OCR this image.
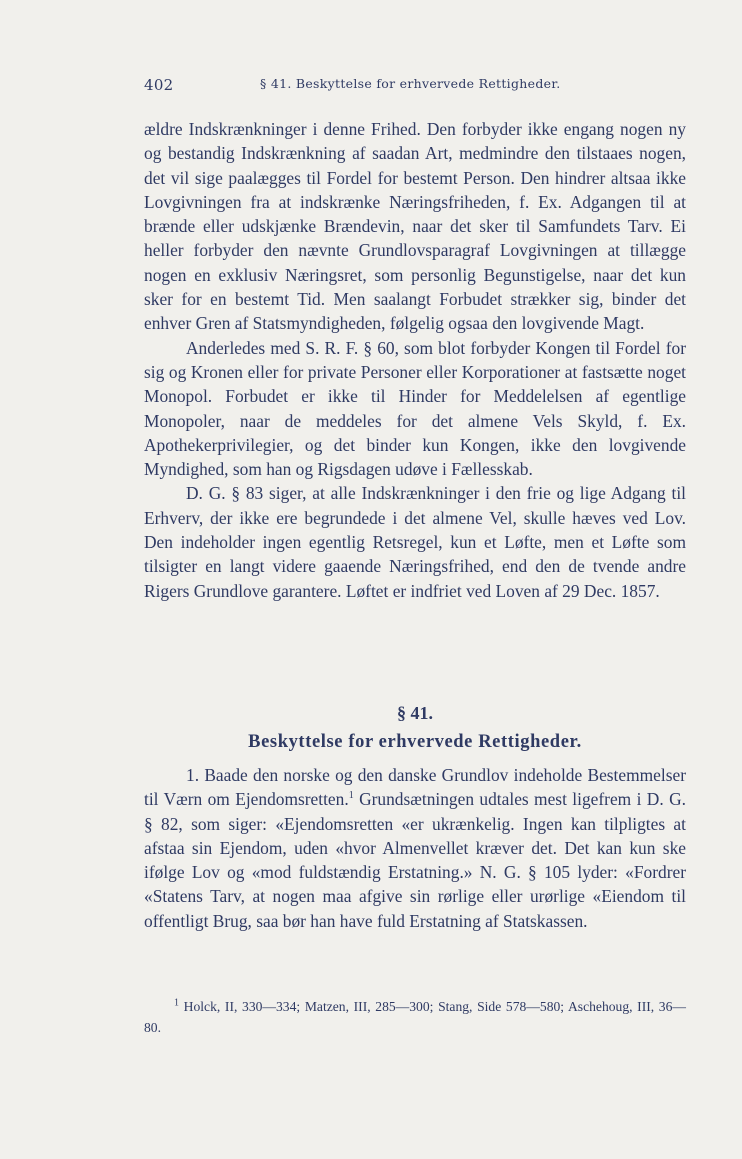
402	§ 41. Beskyttelse for erhvervede Rettigheder.

ældre Indskrænkninger i denne Frihed. Den forbyder ikke engang nogen ny og bestandig Indskrænkning af saadan Art, medmindre den tilstaaes nogen, det vil sige paalægges til Fordel for bestemt Person. Den hindrer altsaa ikke Lovgivningen fra at indskrænke Næringsfriheden, f. Ex. Adgangen til at brænde eller udskjænke Brændevin, naar det sker til Samfundets Tarv. Ei heller forbyder den nævnte Grundlovsparagraf Lovgivningen at tillægge nogen en exklusiv Næringsret, som personlig Begunstigelse, naar det kun sker for en bestemt Tid. Men saalangt Forbudet strækker sig, binder det enhver Gren af Statsmyndigheden, følgelig ogsaa den lovgivende Magt.

Anderledes med S. R. F. § 60, som blot forbyder Kongen til Fordel for sig og Kronen eller for private Personer eller Korporationer at fastsætte noget Monopol. Forbudet er ikke til Hinder for Meddelelsen af egentlige Monopoler, naar de meddeles for det almene Vels Skyld, f. Ex. Apothekerprivilegier, og det binder kun Kongen, ikke den lovgivende Myndighed, som han og Rigsdagen udøve i Fællesskab.

D. G. § 83 siger, at alle Indskrænkninger i den frie og lige Adgang til Erhverv, der ikke ere begrundede i det almene Vel, skulle hæves ved Lov. Den indeholder ingen egentlig Retsregel, kun et Løfte, men et Løfte som tilsigter en langt videre gaaende Næringsfrihed, end den de tvende andre Rigers Grundlove garantere. Løftet er indfriet ved Loven af 29 Dec. 1857.

§ 41.
Beskyttelse for erhvervede Rettigheder.

1. Baade den norske og den danske Grundlov indeholde Bestemmelser til Værn om Ejendomsretten.$^1$ Grundsætningen udtales mest ligefrem i D. G. § 82, som siger: «Ejendomsretten «er ukrænkelig. Ingen kan tilpligtes at afstaa sin Ejendom, uden «hvor Almenvellet kræver det. Det kan kun ske ifølge Lov og «mod fuldstændig Erstatning.» N. G. § 105 lyder: «Fordrer «Statens Tarv, at nogen maa afgive sin rørlige eller urørlige «Eiendom til offentligt Brug, saa bør han have fuld Erstatning af Statskassen.

$^1$ Holck, II, 330—334; Matzen, III, 285—300; Stang, Side 578—580; Aschehoug, III, 36—80.
